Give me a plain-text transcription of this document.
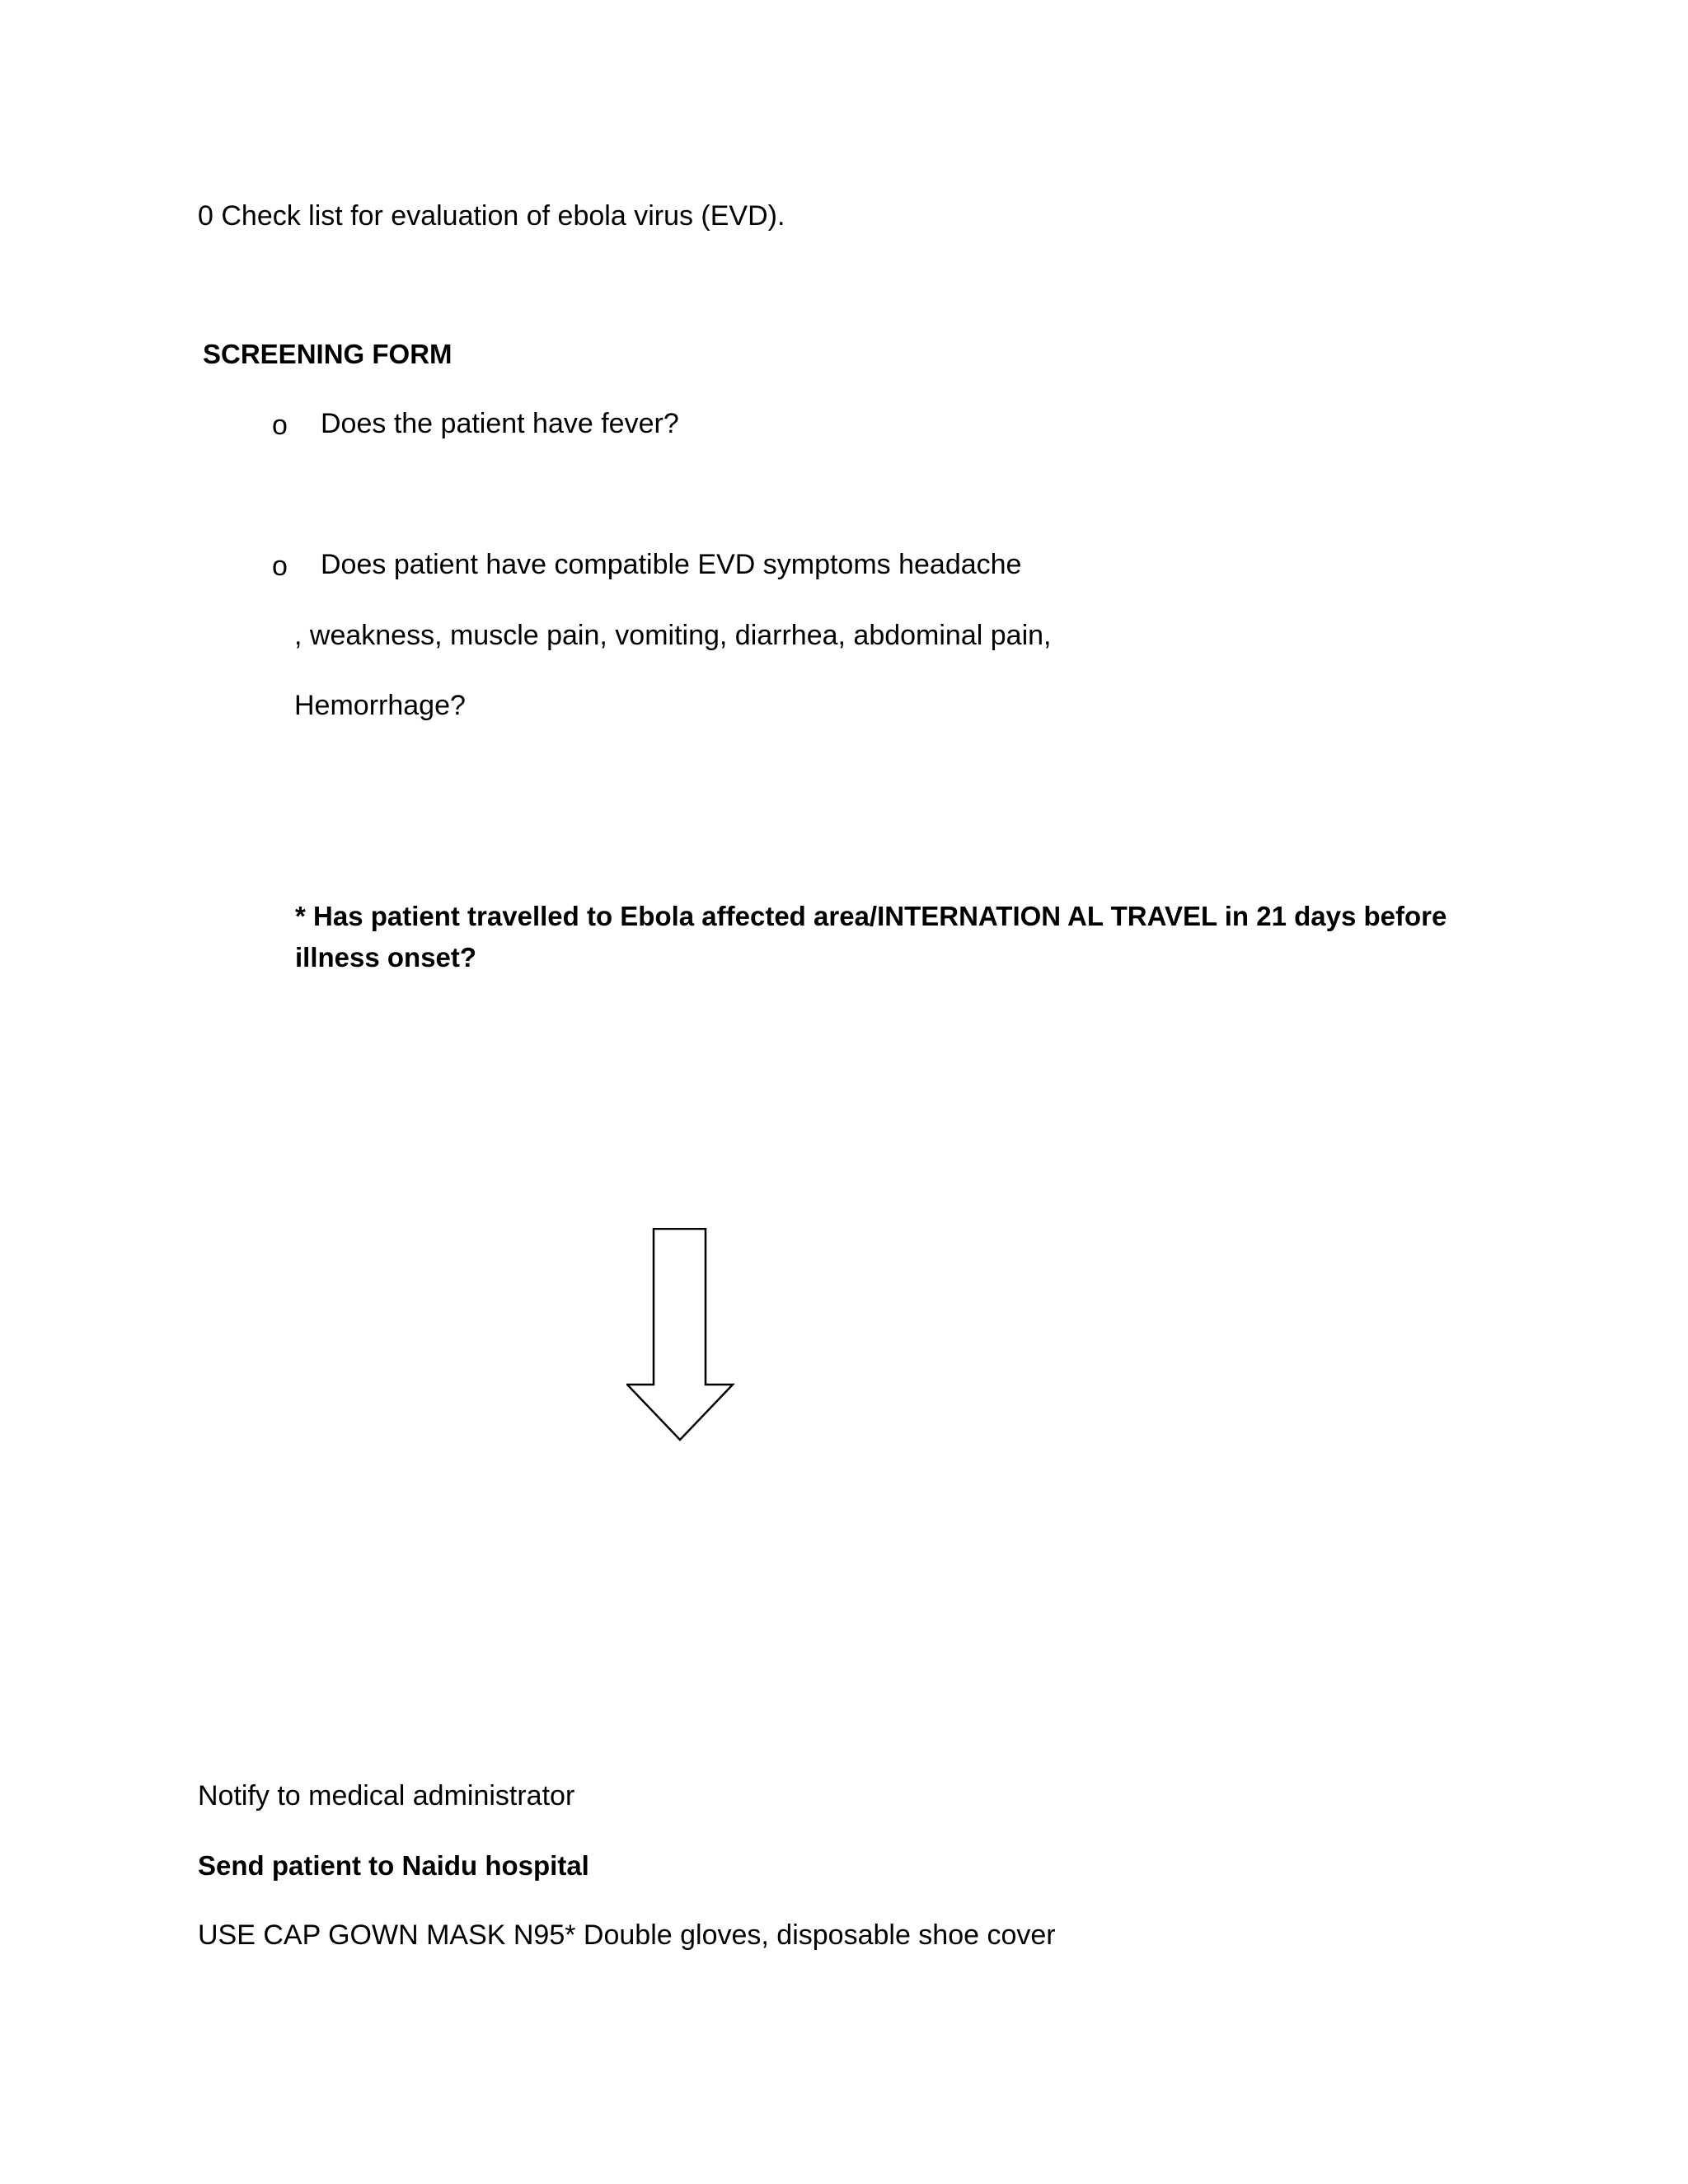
0 Check list for evaluation of ebola virus (EVD).
SCREENING FORM
o Does the patient have fever?
o Does patient have compatible EVD symptoms headache
, weakness, muscle pain, vomiting, diarrhea, abdominal pain,
Hemorrhage?
* Has patient travelled to Ebola affected area/INTERNATION AL TRAVEL in 21 days before
illness onset?
Notify to medical administrator
Send patient to Naidu hospital
USE CAP GOWN MASK N95* Double gloves, disposable shoe cover
